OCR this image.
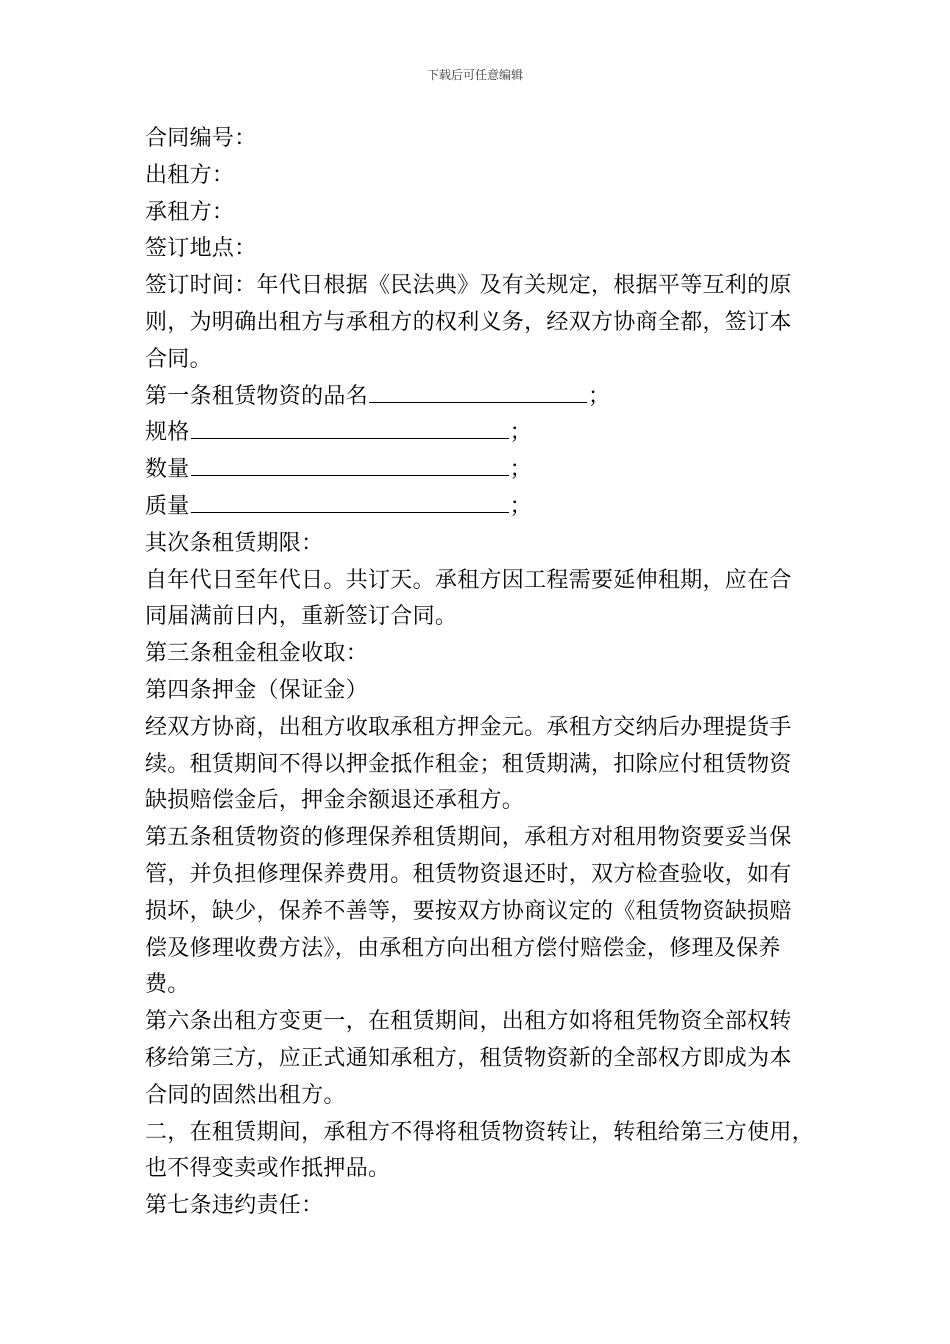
下载后可任意编辑
合同编号：
出租方：
承租方：
签订地点：
签订时间：年代日根据《民法典》及有关规定，根据平等互利的原
则，为明确出租方与承租方的权利义务，经双方协商全都，签订本
合同。
第一条租赁物资的品名	；
规格	；
数量	；
质量	；
其次条租赁期限：
自年代日至年代日。共订天。承租方因工程需要延伸租期，应在合
同届满前日内，重新签订合同。
第三条租金租金收取：
第四条押金（保证金）
经双方协商，出租方收取承租方押金元。承租方交纳后办理提货手
续。租赁期间不得以押金抵作租金；租赁期满，扣除应付租赁物资
缺损赔偿金后，押金余额退还承租方。
第五条租赁物资的修理保养租赁期间，承租方对租用物资要妥当保
管，并负担修理保养费用。租赁物资退还时，双方检查验收，如有
损坏，缺少，保养不善等，要按双方协商议定的《租赁物资缺损赔
偿及修理收费方法》，由承租方向出租方偿付赔偿金，修理及保养
费。
第六条出租方变更一，在租赁期间，出租方如将租凭物资全部权转
移给第三方，应正式通知承租方，租赁物资新的全部权方即成为本
合同的固然出租方。
二，在租赁期间，承租方不得将租赁物资转让，转租给第三方使用，
也不得变卖或作抵押品。
第七条违约责任：
